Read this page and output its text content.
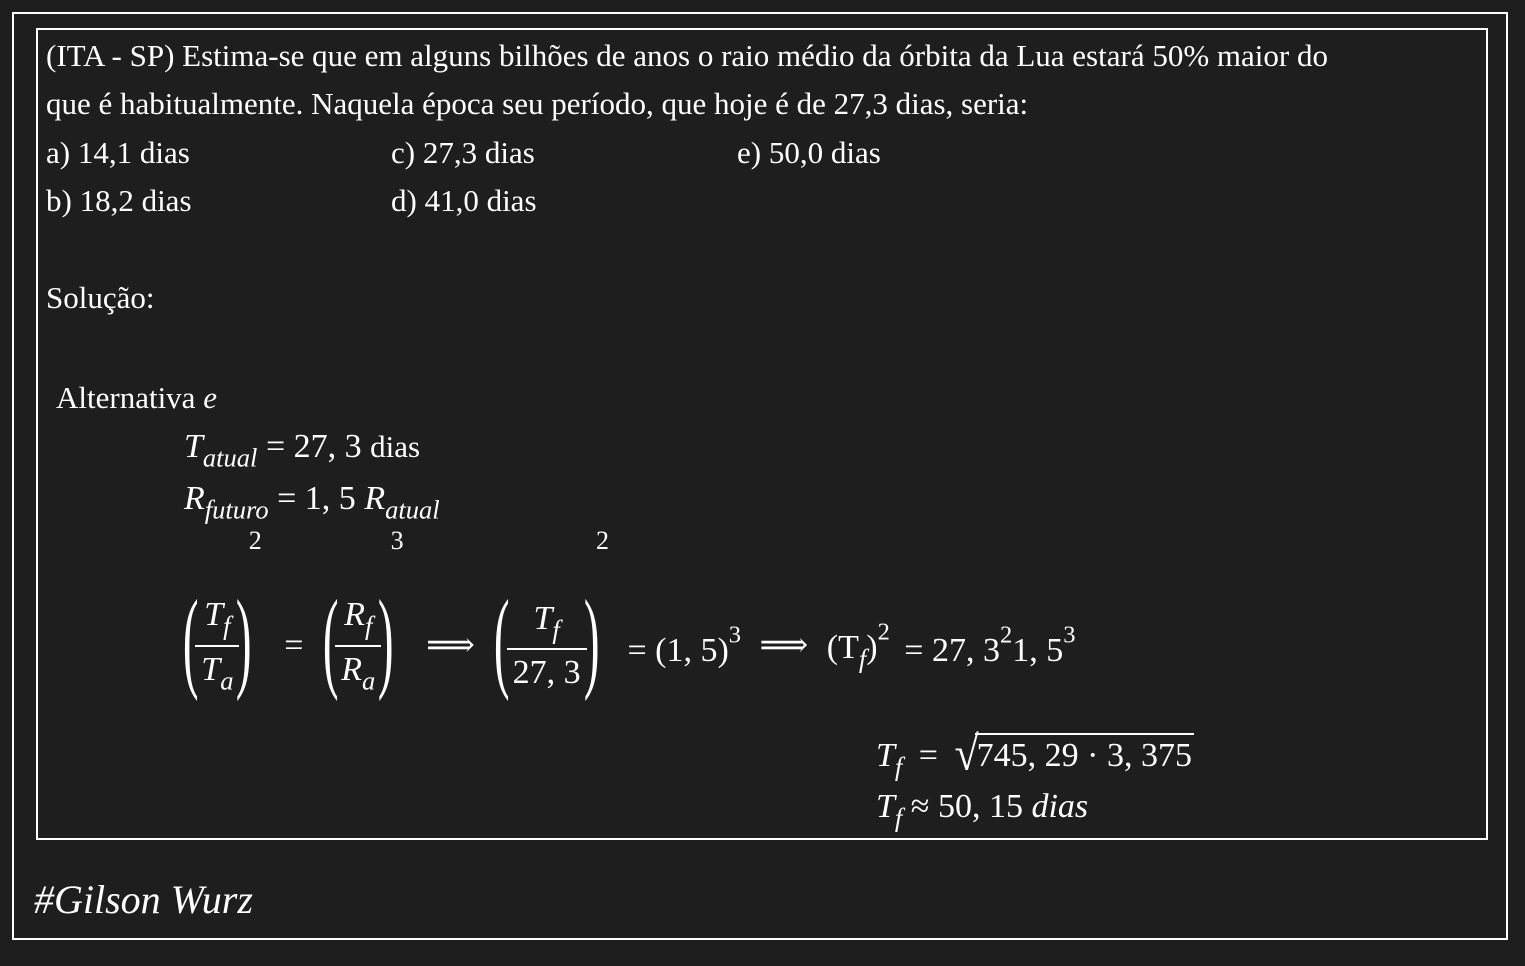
(ITA - SP) Estima-se que em alguns bilhões de anos o raio médio da órbita da Lua estará 50% maior do
que é habitualmente. Naquela época seu período, que hoje é de 27,3 dias, seria:
a) 14,1 dias	c) 27,3 dias	e) 50,0 dias
b) 18,2 dias	d) 41,0 dias
Solução:
Alternativa e
$T_{atual} = 27$, 3 dias
$R_{futuro} = 1$, 5 $R_{atual}$
(
$\frac{T_f}{T_a}$
)2 = (
$\frac{R_f}{R_a}$
)3 ⟹ (
$\frac{T_f}{27, 3}$
)2 = (1, 5)$^3$ ⟹ $(T_f)^2 = 27$, $3^21$, $5^3$
$T_f = √745$, 29 · 3, 375
$T_f \approx 50$, 15 dias
#Gilson Wurz
